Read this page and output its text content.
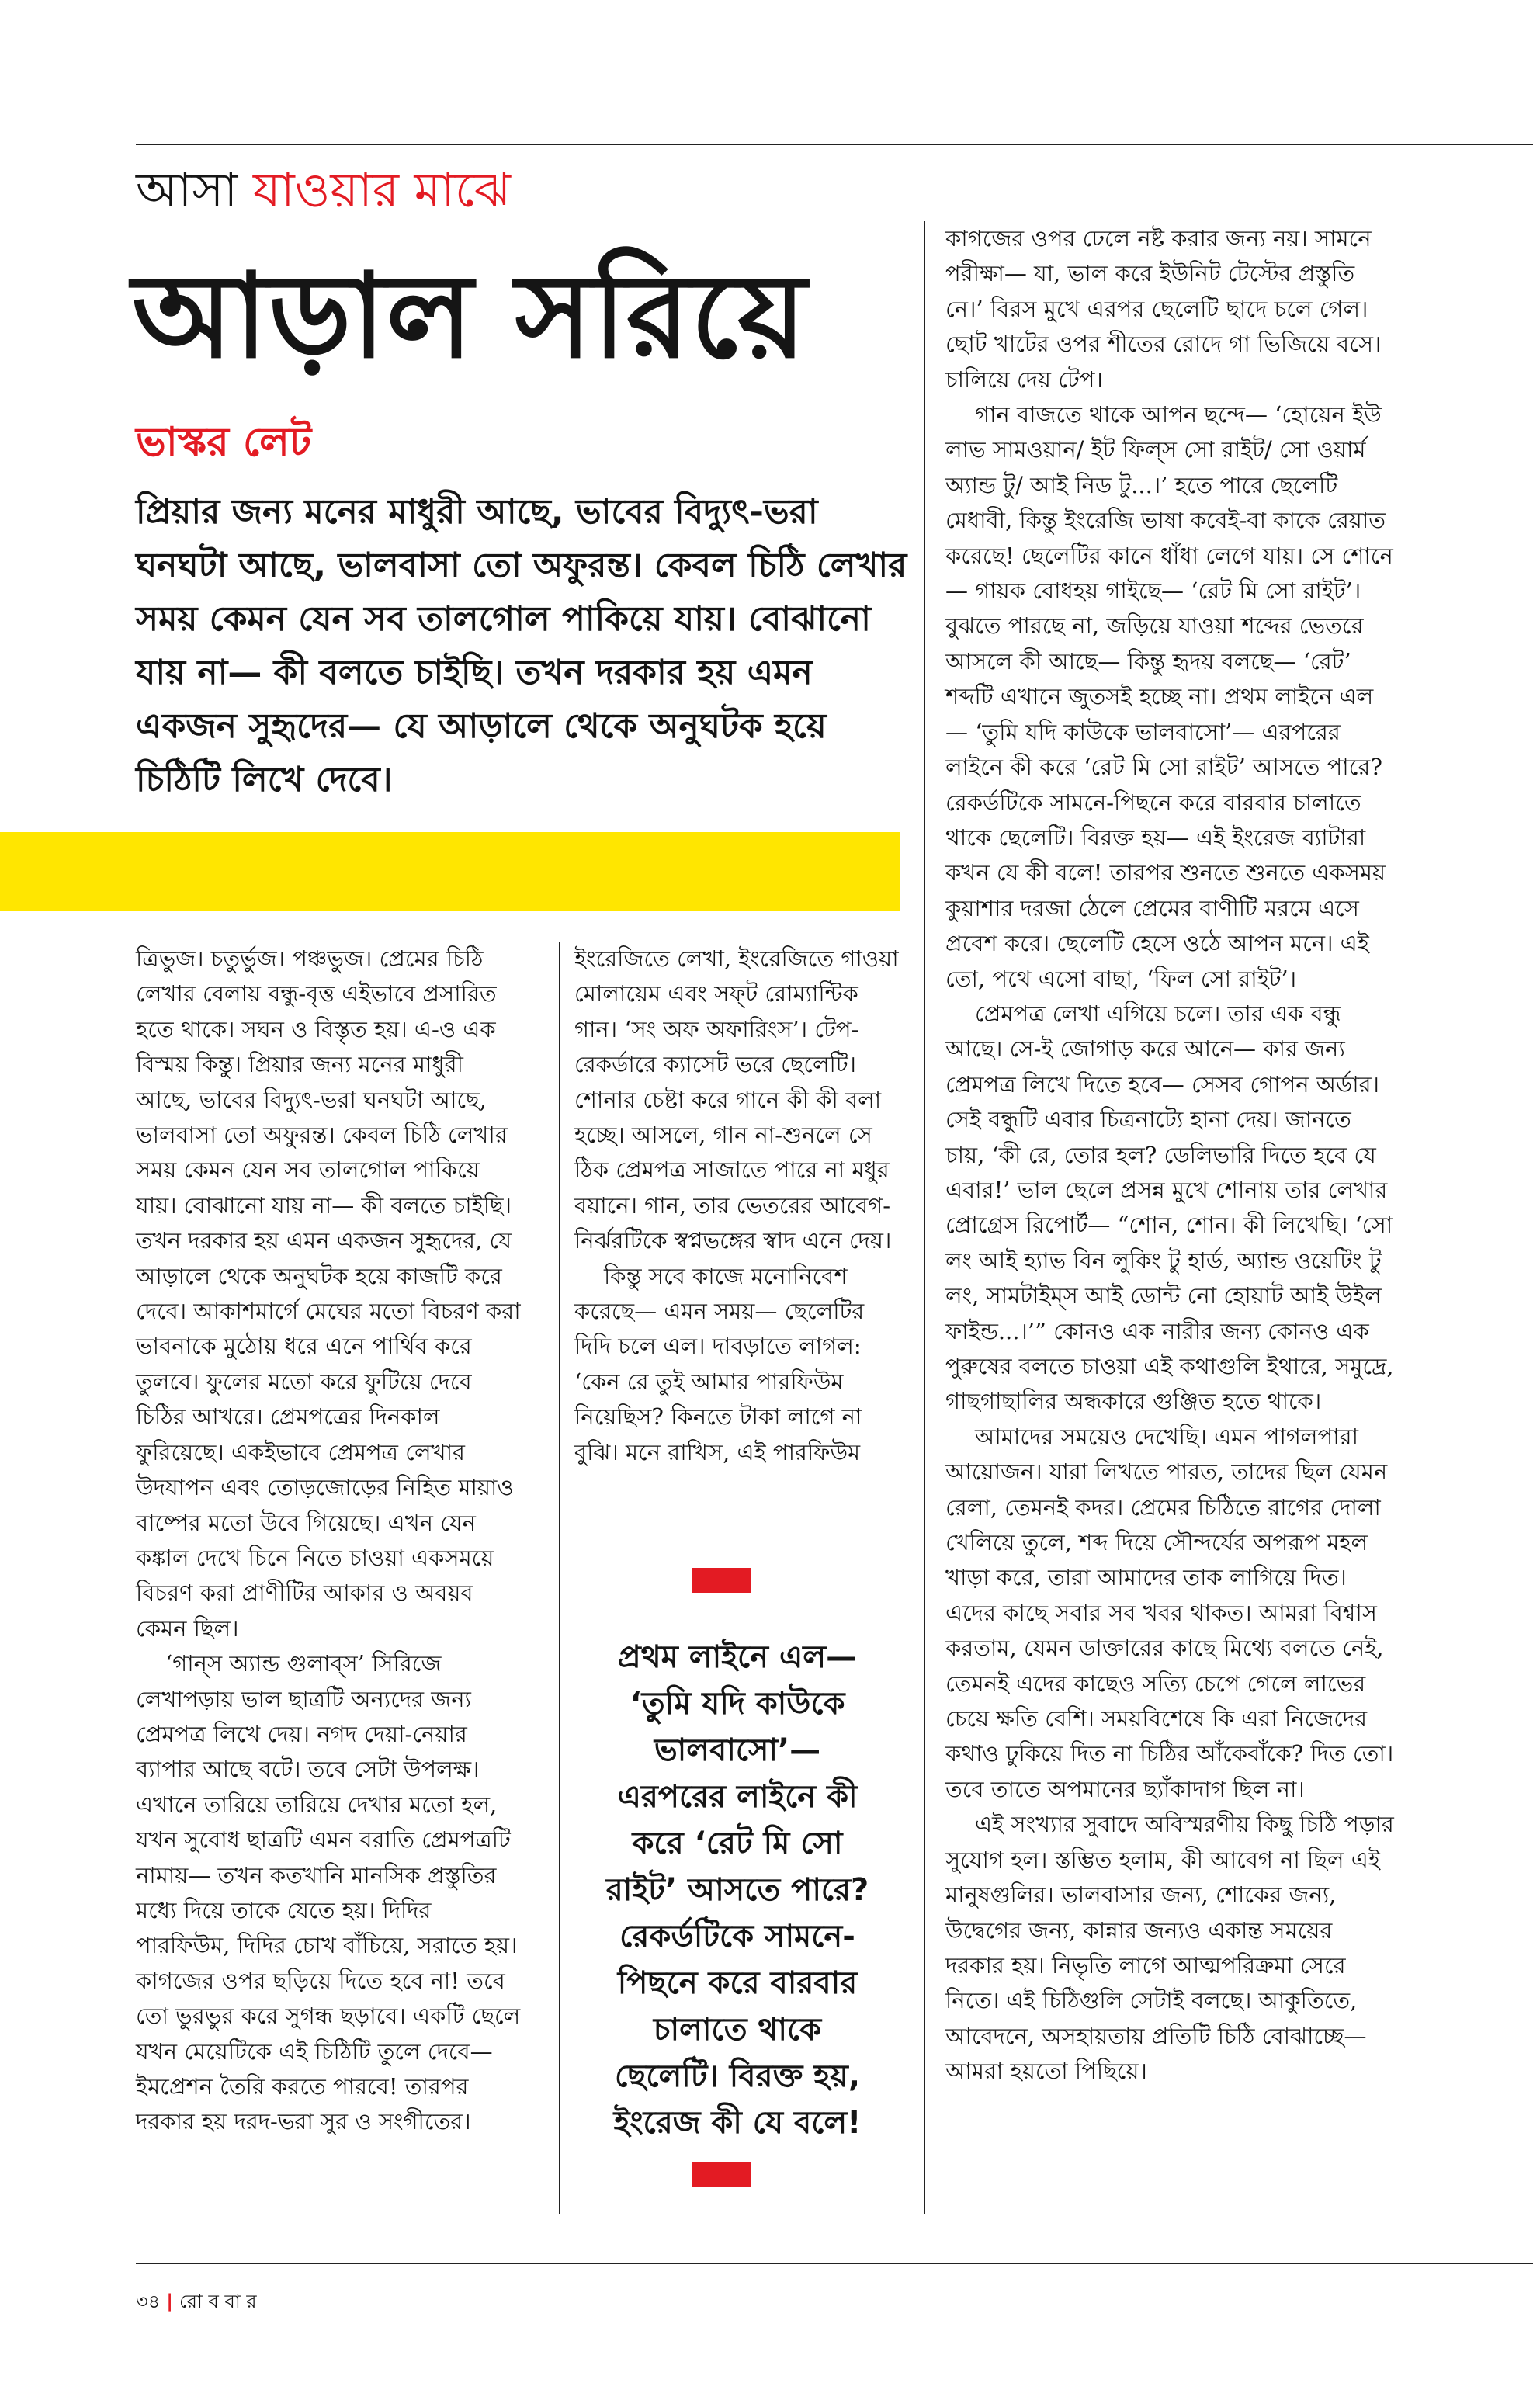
আসা যাওয়ার মাঝে
আড়াল সরিয়ে
ভাস্কর লেট

প্রিয়ার জন্য মনের মাধুরী আছে, ভাবের বিদ্যুৎ-ভরা ঘনঘটা আছে, ভালবাসা তো অফুরন্ত। কেবল চিঠি লেখার সময় কেমন যেন সব তালগোল পাকিয়ে যায়। বোঝানো যায় না— কী বলতে চাইছি। তখন দরকার হয় এমন একজন সুহৃদের— যে আড়ালে থেকে অনুঘটক হয়ে চিঠিটি লিখে দেবে।

ত্রিভুজ। চতুর্ভুজ। পঞ্চভুজ। প্রেমের চিঠি লেখার বেলায় বন্ধু-বৃত্ত এইভাবে প্রসারিত হতে থাকে। সঘন ও বিস্তৃত হয়। এ-ও এক বিস্ময় কিন্তু। প্রিয়ার জন্য মনের মাধুরী আছে, ভাবের বিদ্যুৎ-ভরা ঘনঘটা আছে, ভালবাসা তো অফুরন্ত। কেবল চিঠি লেখার সময় কেমন যেন সব তালগোল পাকিয়ে যায়। বোঝানো যায় না— কী বলতে চাইছি। তখন দরকার হয় এমন একজন সুহৃদের, যে আড়ালে থেকে অনুঘটক হয়ে কাজটি করে দেবে। আকাশমার্গে মেঘের মতো বিচরণ করা ভাবনাকে মুঠোয় ধরে এনে পার্থিব করে তুলবে। ফুলের মতো করে ফুটিয়ে দেবে চিঠির আখরে। প্রেমপত্রের দিনকাল ফুরিয়েছে। একইভাবে প্রেমপত্র লেখার উদযাপন এবং তোড়জোড়ের নিহিত মায়াও বাষ্পের মতো উবে গিয়েছে। এখন যেন কঙ্কাল দেখে চিনে নিতে চাওয়া একসময়ে বিচরণ করা প্রাণীটির আকার ও অবয়ব কেমন ছিল।

‘গান্‌স অ্যান্ড গুলাব্‌স’ সিরিজে লেখাপড়ায় ভাল ছাত্রটি অন্যদের জন্য প্রেমপত্র লিখে দেয়। নগদ দেয়া-নেয়ার ব্যাপার আছে বটে। তবে সেটা উপলক্ষ। এখানে তারিয়ে তারিয়ে দেখার মতো হল, যখন সুবোধ ছাত্রটি এমন বরাতি প্রেমপত্রটি নামায়— তখন কতখানি মানসিক প্রস্তুতির মধ্যে দিয়ে তাকে যেতে হয়। দিদির পারফিউম, দিদির চোখ বাঁচিয়ে, সরাতে হয়। কাগজের ওপর ছড়িয়ে দিতে হবে না! তবে তো ভুরভুর করে সুগন্ধ ছড়াবে। একটি ছেলে যখন মেয়েটিকে এই চিঠিটি তুলে দেবে— ইমপ্রেশন তৈরি করতে পারবে! তারপর দরকার হয় দরদ-ভরা সুর ও সংগীতের।

ইংরেজিতে লেখা, ইংরেজিতে গাওয়া মোলায়েম এবং সফ্‌ট রোম্যান্টিক গান। ‘সং অফ অফারিংস’। টেপ-রেকর্ডারে ক্যাসেট ভরে ছেলেটি। শোনার চেষ্টা করে গানে কী কী বলা হচ্ছে। আসলে, গান না-শুনলে সে ঠিক প্রেমপত্র সাজাতে পারে না মধুর বয়ানে। গান, তার ভেতরের আবেগ-নির্ঝরটিকে স্বপ্নভঙ্গের স্বাদ এনে দেয়।

কিন্তু সবে কাজে মনোনিবেশ করেছে— এমন সময়— ছেলেটির দিদি চলে এল। দাবড়াতে লাগল: ‘কেন রে তুই আমার পারফিউম নিয়েছিস? কিনতে টাকা লাগে না বুঝি। মনে রাখিস, এই পারফিউম

প্রথম লাইনে এল— ‘তুমি যদি কাউকে ভালবাসো’— এরপরের লাইনে কী করে ‘রেট মি সো রাইট’ আসতে পারে? রেকর্ডটিকে সামনে-পিছনে করে বারবার চালাতে থাকে ছেলেটি। বিরক্ত হয়, ইংরেজ কী যে বলে!

কাগজের ওপর ঢেলে নষ্ট করার জন্য নয়। সামনে পরীক্ষা— যা, ভাল করে ইউনিট টেস্টের প্রস্তুতি নে।’ বিরস মুখে এরপর ছেলেটি ছাদে চলে গেল। ছোট খাটের ওপর শীতের রোদে গা ভিজিয়ে বসে। চালিয়ে দেয় টেপ।

গান বাজতে থাকে আপন ছন্দে— ‘হোয়েন ইউ লাভ সামওয়ান/ ইট ফিল্‌স সো রাইট/ সো ওয়ার্ম অ্যান্ড টু/ আই নিড টু...।’ হতে পারে ছেলেটি মেধাবী, কিন্তু ইংরেজি ভাষা কবেই-বা কাকে রেয়াত করেছে! ছেলেটির কানে ধাঁধা লেগে যায়। সে শোনে— গায়ক বোধহয় গাইছে— ‘রেট মি সো রাইট’। বুঝতে পারছে না, জড়িয়ে যাওয়া শব্দের ভেতরে আসলে কী আছে— কিন্তু হৃদয় বলছে— ‘রেট’ শব্দটি এখানে জুতসই হচ্ছে না। প্রথম লাইনে এল— ‘তুমি যদি কাউকে ভালবাসো’— এরপরের লাইনে কী করে ‘রেট মি সো রাইট’ আসতে পারে? রেকর্ডটিকে সামনে-পিছনে করে বারবার চালাতে থাকে ছেলেটি। বিরক্ত হয়— এই ইংরেজ ব্যাটারা কখন যে কী বলে! তারপর শুনতে শুনতে একসময় কুয়াশার দরজা ঠেলে প্রেমের বাণীটি মরমে এসে প্রবেশ করে। ছেলেটি হেসে ওঠে আপন মনে। এই তো, পথে এসো বাছা, ‘ফিল সো রাইট’।

প্রেমপত্র লেখা এগিয়ে চলে। তার এক বন্ধু আছে। সে-ই জোগাড় করে আনে— কার জন্য প্রেমপত্র লিখে দিতে হবে— সেসব গোপন অর্ডার। সেই বন্ধুটি এবার চিত্রনাট্যে হানা দেয়। জানতে চায়, ‘কী রে, তোর হল? ডেলিভারি দিতে হবে যে এবার!’ ভাল ছেলে প্রসন্ন মুখে শোনায় তার লেখার প্রোগ্রেস রিপোর্ট— “শোন, শোন। কী লিখেছি। ‘সো লং আই হ্যাভ বিন লুকিং টু হার্ড, অ্যান্ড ওয়েটিং টু লং, সামটাইম্‌স আই ডোন্ট নো হোয়াট আই উইল ফাইন্ড...।’” কোনও এক নারীর জন্য কোনও এক পুরুষের বলতে চাওয়া এই কথাগুলি ইথারে, সমুদ্রে, গাছগাছালির অন্ধকারে গুঞ্জিত হতে থাকে।

আমাদের সময়েও দেখেছি। এমন পাগলপারা আয়োজন। যারা লিখতে পারত, তাদের ছিল যেমন রেলা, তেমনই কদর। প্রেমের চিঠিতে রাগের দোলা খেলিয়ে তুলে, শব্দ দিয়ে সৌন্দর্যের অপরূপ মহল খাড়া করে, তারা আমাদের তাক লাগিয়ে দিত। এদের কাছে সবার সব খবর থাকত। আমরা বিশ্বাস করতাম, যেমন ডাক্তারের কাছে মিথ্যে বলতে নেই, তেমনই এদের কাছেও সত্যি চেপে গেলে লাভের চেয়ে ক্ষতি বেশি। সময়বিশেষে কি এরা নিজেদের কথাও ঢুকিয়ে দিত না চিঠির আঁকেবাঁকে? দিত তো। তবে তাতে অপমানের ছ্যাঁকাদাগ ছিল না।

এই সংখ্যার সুবাদে অবিস্মরণীয় কিছু চিঠি পড়ার সুযোগ হল। স্তম্ভিত হলাম, কী আবেগ না ছিল এই মানুষগুলির। ভালবাসার জন্য, শোকের জন্য, উদ্বেগের জন্য, কান্নার জন্যও একান্ত সময়ের দরকার হয়। নিভৃতি লাগে আত্মপরিক্রমা সেরে নিতে। এই চিঠিগুলি সেটাই বলছে। আকুতিতে, আবেদনে, অসহায়তায় প্রতিটি চিঠি বোঝাচ্ছে— আমরা হয়তো পিছিয়ে।

৩৪ | রো ব বা র
